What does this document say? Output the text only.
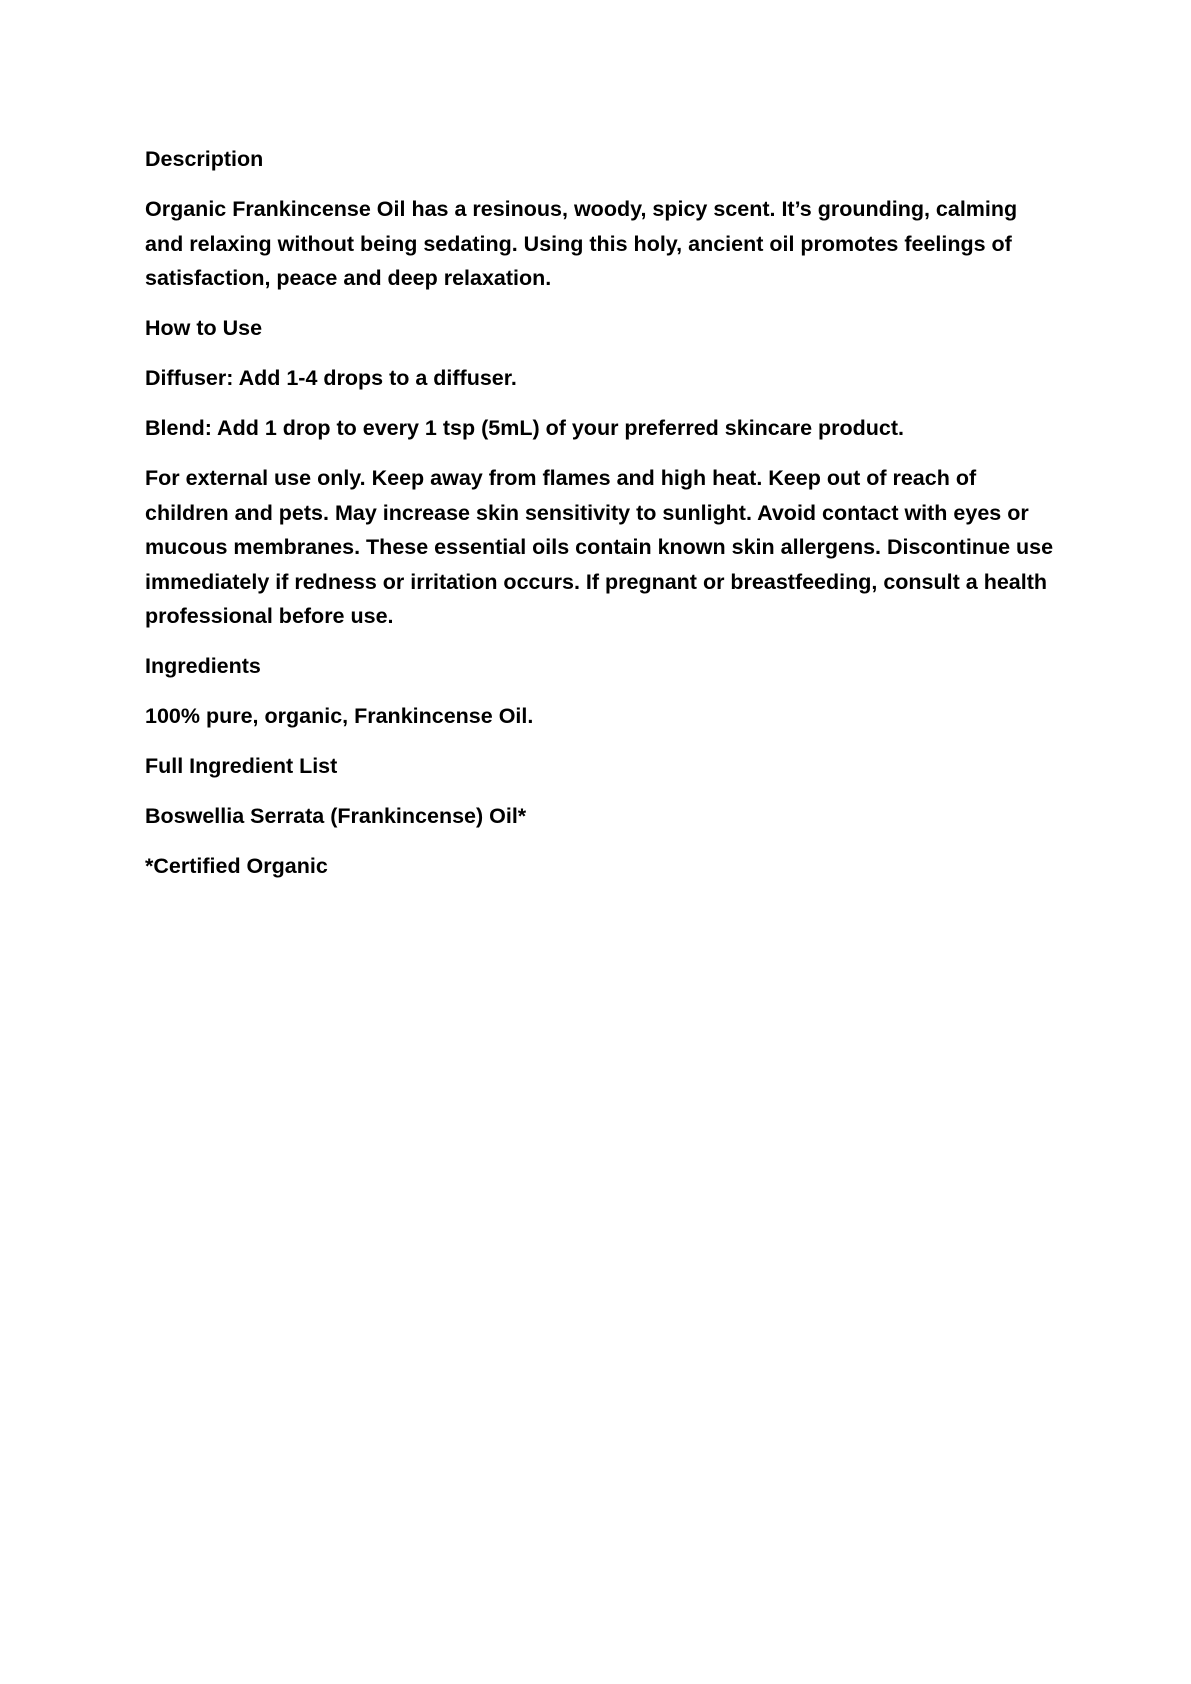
Description

Organic Frankincense Oil has a resinous, woody, spicy scent. It’s grounding, calming and relaxing without being sedating. Using this holy, ancient oil promotes feelings of satisfaction, peace and deep relaxation.

How to Use

Diffuser: Add 1-4 drops to a diffuser.

Blend: Add 1 drop to every 1 tsp (5mL) of your preferred skincare product.

For external use only. Keep away from flames and high heat. Keep out of reach of children and pets. May increase skin sensitivity to sunlight. Avoid contact with eyes or mucous membranes. These essential oils contain known skin allergens. Discontinue use immediately if redness or irritation occurs. If pregnant or breastfeeding, consult a health professional before use.

Ingredients

100% pure, organic, Frankincense Oil.

Full Ingredient List

Boswellia Serrata (Frankincense) Oil*

*Certified Organic
